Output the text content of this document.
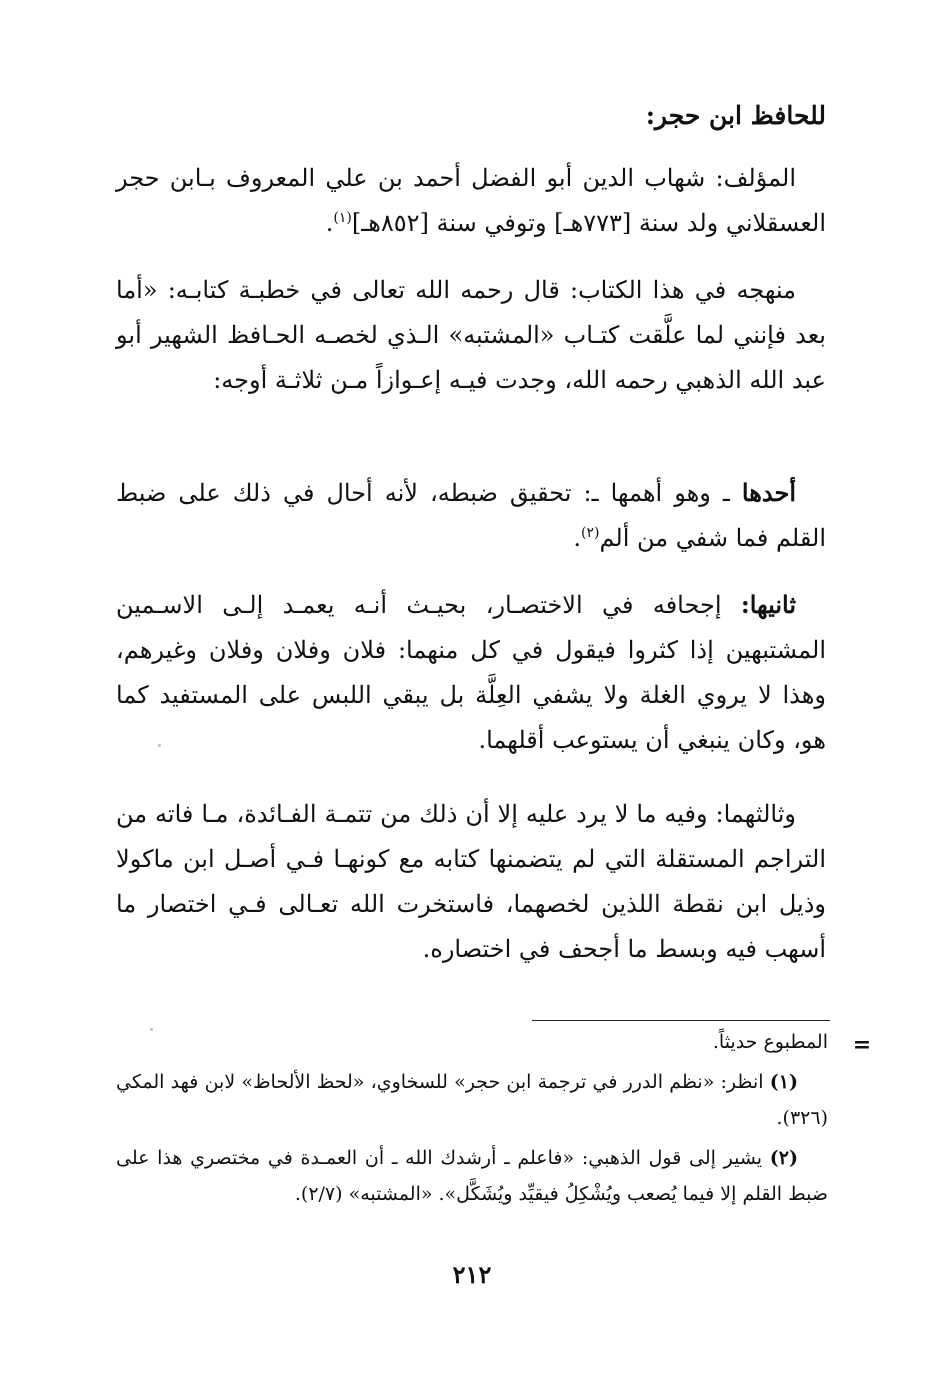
للحافظ ابن حجر:

المؤلف: شهاب الدين أبو الفضل أحمد بن علي المعروف بـابن حجر العسقلاني ولد سنة [٧٧٣هـ] وتوفي سنة [٨٥٢هـ]$^{(١)}$.

منهجه في هذا الكتاب: قال رحمه الله تعالى في خطبـة كتابـه: «أما بعد فإنني لما علَّقت كتـاب «المشتبه» الـذي لخصـه الحـافظ الشهير أبو عبد الله الذهبي رحمه الله، وجدت فيـه إعـوازاً مـن ثلاثـة أوجه:

أحدها ـ وهو أهمها ـ: تحقيق ضبطه، لأنه أحال في ذلك على ضبط القلم فما شفي من ألم$^{(٢)}$.

ثانيها: إجحافه في الاختصـار، بحيـث أنـه يعمـد إلـى الاسـمين المشتبهين إذا كثروا فيقول في كل منهما: فلان وفلان وفلان وغيرهم، وهذا لا يروي الغلة ولا يشفي العِلَّة بل يبقي اللبس على المستفيد كما هو، وكان ينبغي أن يستوعب أقلهما.

وثالثهما: وفيه ما لا يرد عليه إلا أن ذلك من تتمـة الفـائدة، مـا فاته من التراجم المستقلة التي لم يتضمنها كتابه مع كونهـا فـي أصـل ابن ماكولا وذيل ابن نقطة اللذين لخصهما، فاستخرت الله تعـالى فـي اختصار ما أسهب فيه وبسط ما أجحف في اختصاره.

=

المطبوع حديثاً.

(١) انظر: «نظم الدرر في ترجمة ابن حجر» للسخاوي، «لحظ الألحاظ» لابن فهد المكي (٣٢٦).

(٢) يشير إلى قول الذهبي: «فاعلم ـ أرشدك الله ـ أن العمـدة في مختصري هذا على ضبط القلم إلا فيما يُصعب ويُشْكِلُ فيقيِّد ويُشَكَّل». «المشتبه» (٢/٧).

٢١٢
